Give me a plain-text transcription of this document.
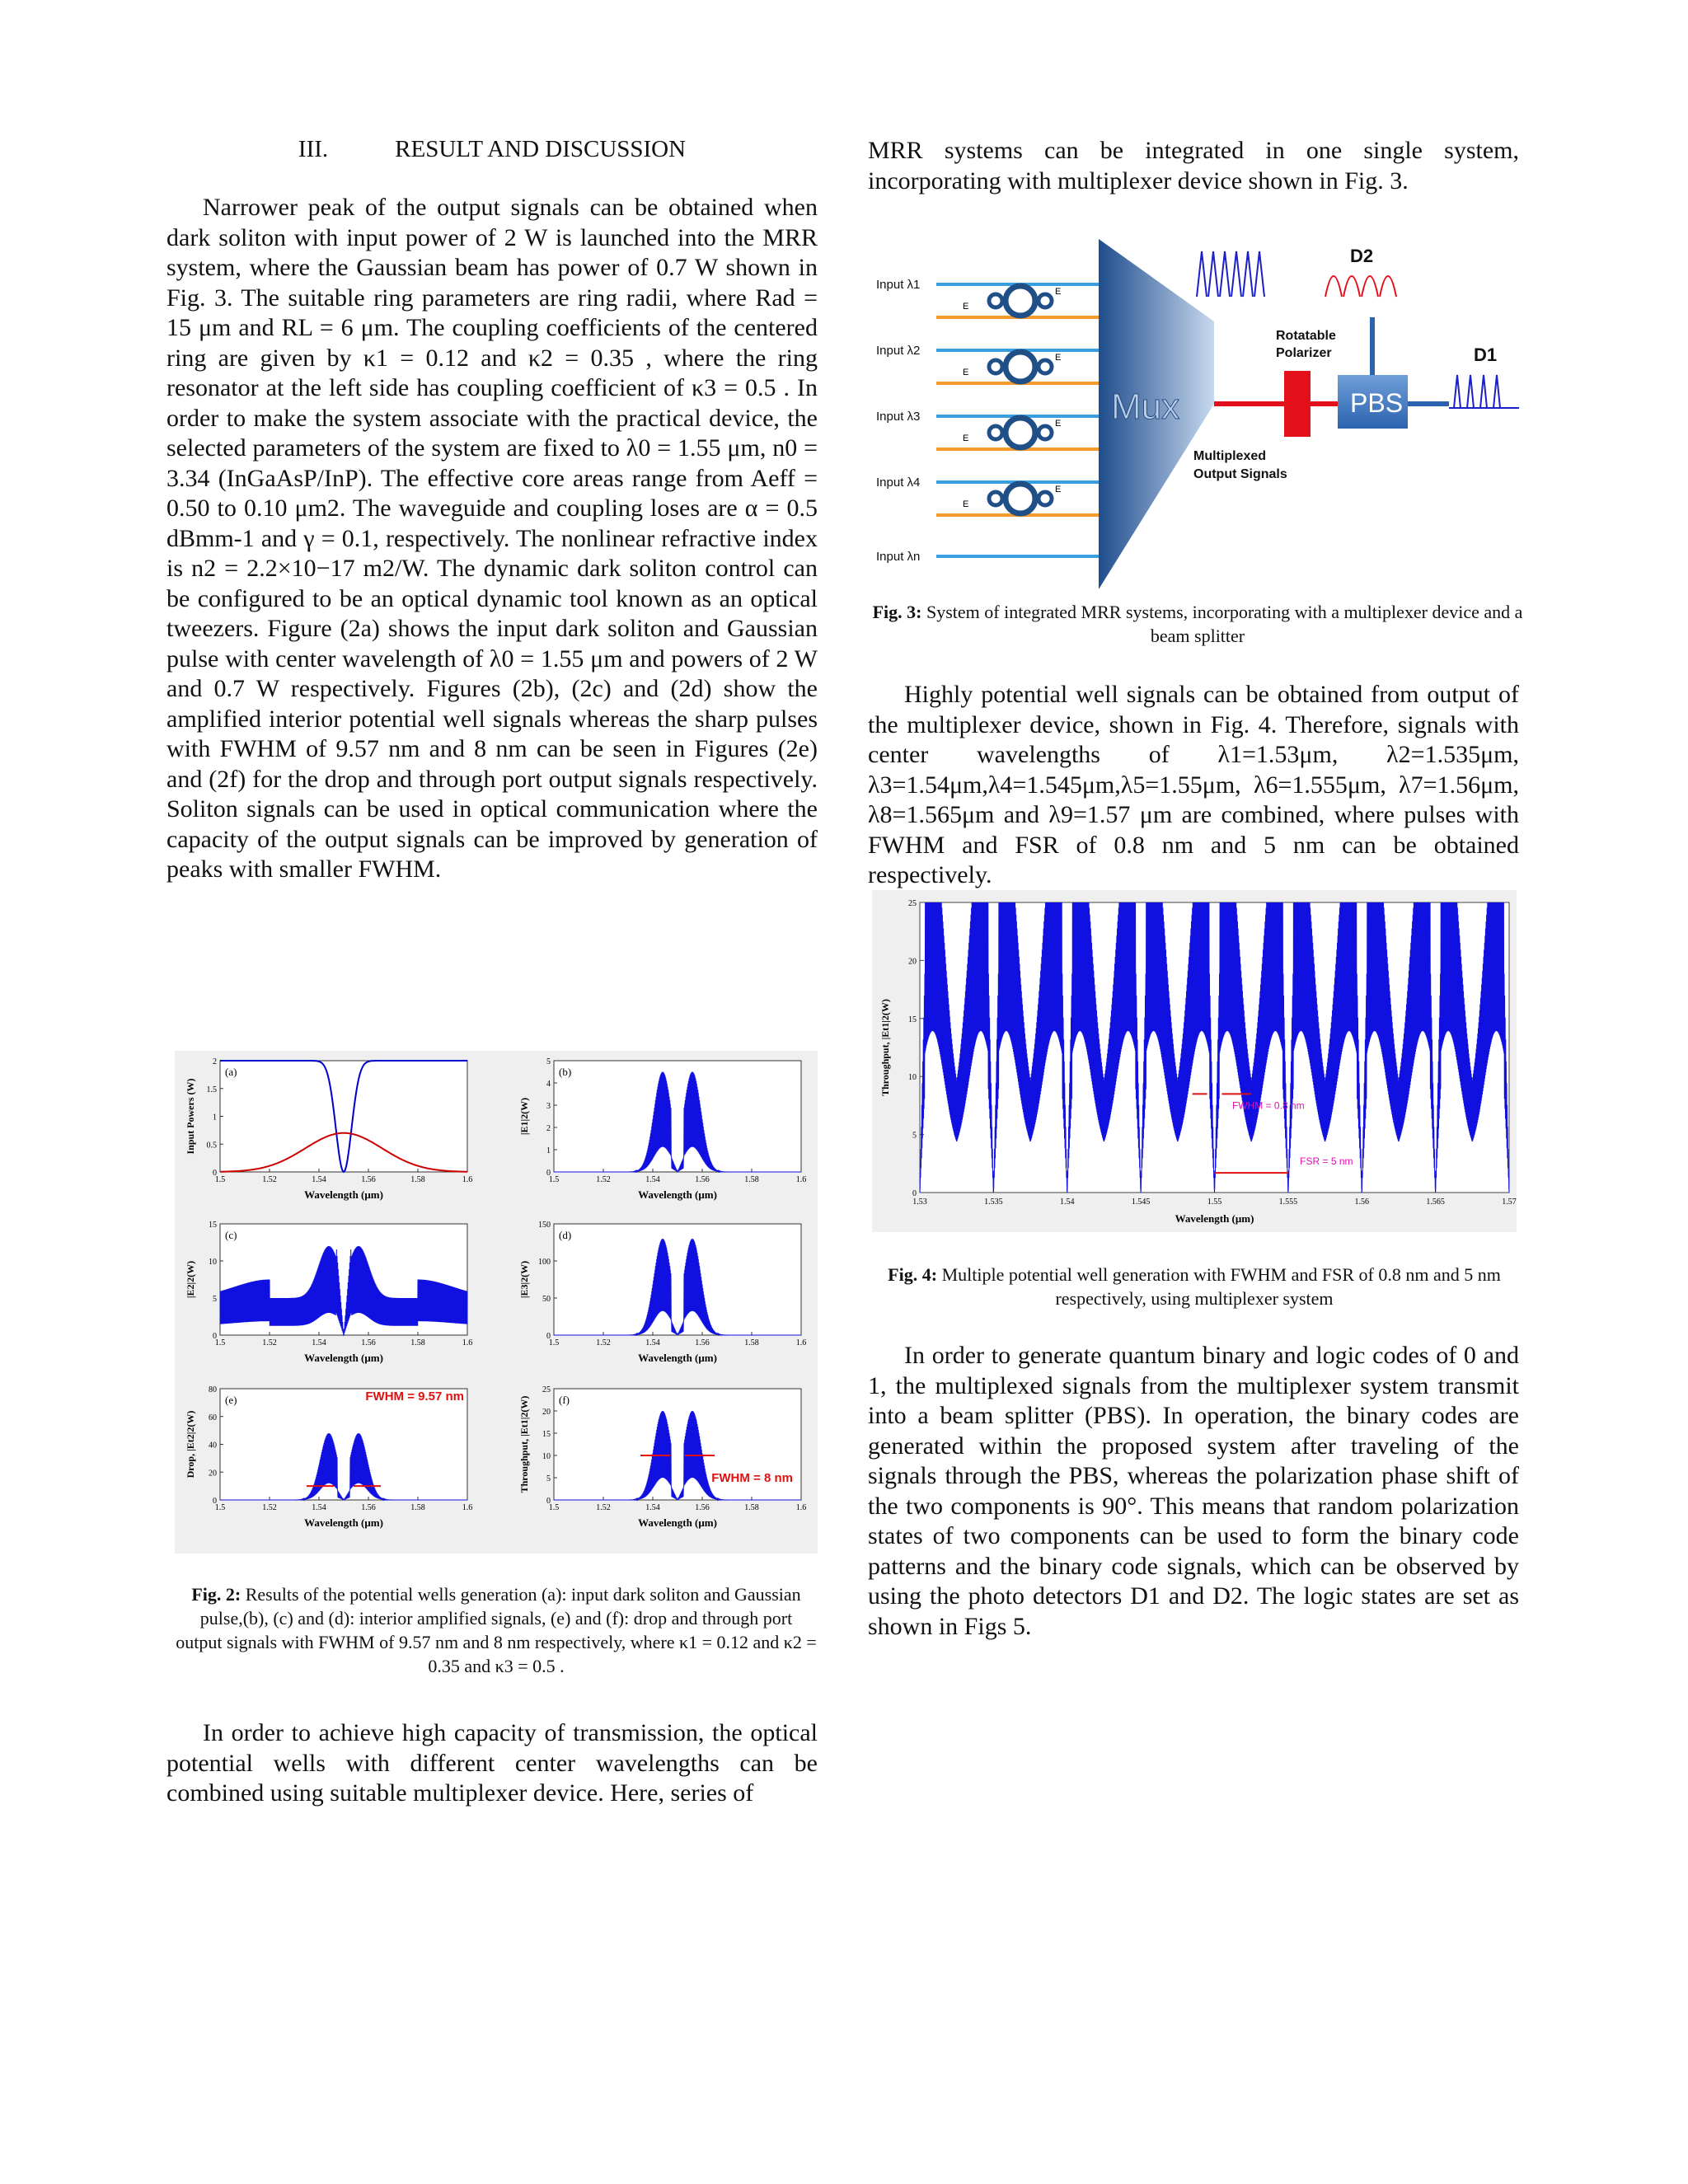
III.	RESULT AND DISCUSSION

Narrower peak of the output signals can be obtained when dark soliton with input power of 2 W is launched into the MRR system, where the Gaussian beam has power of 0.7 W shown in Fig. 3. The suitable ring parameters are ring radii, where Rad = 15 μm and RL = 6 μm. The coupling coefficients of the centered ring are given by κ1 = 0.12 and κ2 = 0.35 , where the ring resonator at the left side has coupling coefficient of κ3 = 0.5 . In order to make the system associate with the practical device, the selected parameters of the system are fixed to λ0 = 1.55 μm, n0 = 3.34 (InGaAsP/InP). The effective core areas range from Aeff = 0.50 to 0.10 μm2. The waveguide and coupling loses are α = 0.5 dBmm-1 and γ = 0.1, respectively. The nonlinear refractive index is n2 = 2.2×10−17 m2/W. The dynamic dark soliton control can be configured to be an optical dynamic tool known as an optical tweezers. Figure (2a) shows the input dark soliton and Gaussian pulse with center wavelength of λ0 = 1.55 μm and powers of 2 W and 0.7 W respectively. Figures (2b), (2c) and (2d) show the amplified interior potential well signals whereas the sharp pulses with FWHM of 9.57 nm and 8 nm can be seen in Figures (2e) and (2f) for the drop and through port output signals respectively. Soliton signals can be used in optical communication where the capacity of the output signals can be improved by generation of peaks with smaller FWHM.

(a)
1.5	1.52	1.54	1.56	1.58	1.6
0
0.5
1
1.5
2
Wavelength (μm)
Input Powers (W)
(b)
1.5	1.52	1.54	1.56	1.58	1.6
0
1
2
3
4
5
Wavelength (μm)
|E1|2(W)
(c)
1.5	1.52	1.54	1.56	1.58	1.6
0
5
10
15
Wavelength (μm)
|E2|2(W)
(d)
1.5	1.52	1.54	1.56	1.58	1.6
0
50
100
150
Wavelength (μm)
|E3|2(W)
(e)
1.5	1.52	1.54	1.56	1.58	1.6
0
20
40
60
80
Wavelength (μm)
Drop, |Et2|2(W)
FWHM = 9.57 nm	(f)
1.5	1.52	1.54	1.56	1.58	1.6
0
5
10
15
20
25
Wavelength (μm)
Throughput, |Et1|2(W)	FWHM = 8 nm
Fig. 2: Results of the potential wells generation (a): input dark soliton and Gaussian pulse,(b), (c) and (d): interior amplified signals, (e) and (f): drop and through port output signals with FWHM of 9.57 nm and 8 nm respectively, where κ1 = 0.12 and κ2 = 0.35 and κ3 = 0.5 .

In order to achieve high capacity of transmission, the optical potential wells with different center wavelengths can be combined using suitable multiplexer device. Here, series of

MRR systems can be integrated in one single system, incorporating with multiplexer device shown in Fig. 3.

Mux
Input λ1
E
E
Input λ2
E
E
Input λ3
E
E
Input λ4
E
E
Input λn
Multiplexed
Output Signals
Rotatable
Polarizer
PBS
D2
D1
Fig. 3: System of integrated MRR systems, incorporating with a multiplexer device and a beam splitter

Highly potential well signals can be obtained from output of the multiplexer device, shown in Fig. 4. Therefore, signals with center wavelengths of λ1=1.53μm, λ2=1.535μm, λ3=1.54μm,λ4=1.545μm,λ5=1.55μm, λ6=1.555μm, λ7=1.56μm, λ8=1.565μm and λ9=1.57 μm are combined, where pulses with FWHM and FSR of 0.8 nm and 5 nm can be obtained respectively.

1.53	1.535	1.54	1.545	1.55	1.555	1.56	1.565	1.57
0
5
10
15
20
25
Wavelength (μm)
Throughput, |Et1|2(W)
FWHM = 0.8 nm
FSR = 5 nm
Fig. 4: Multiple potential well generation with FWHM and FSR of 0.8 nm and 5 nm respectively, using multiplexer system

In order to generate quantum binary and logic codes of 0 and 1, the multiplexed signals from the multiplexer system transmit into a beam splitter (PBS). In operation, the binary codes are generated within the proposed system after traveling of the signals through the PBS, whereas the polarization phase shift of the two components is 90°. This means that random polarization states of two components can be used to form the binary code patterns and the binary code signals, which can be observed by using the photo detectors D1 and D2. The logic states are set as shown in Figs 5.
